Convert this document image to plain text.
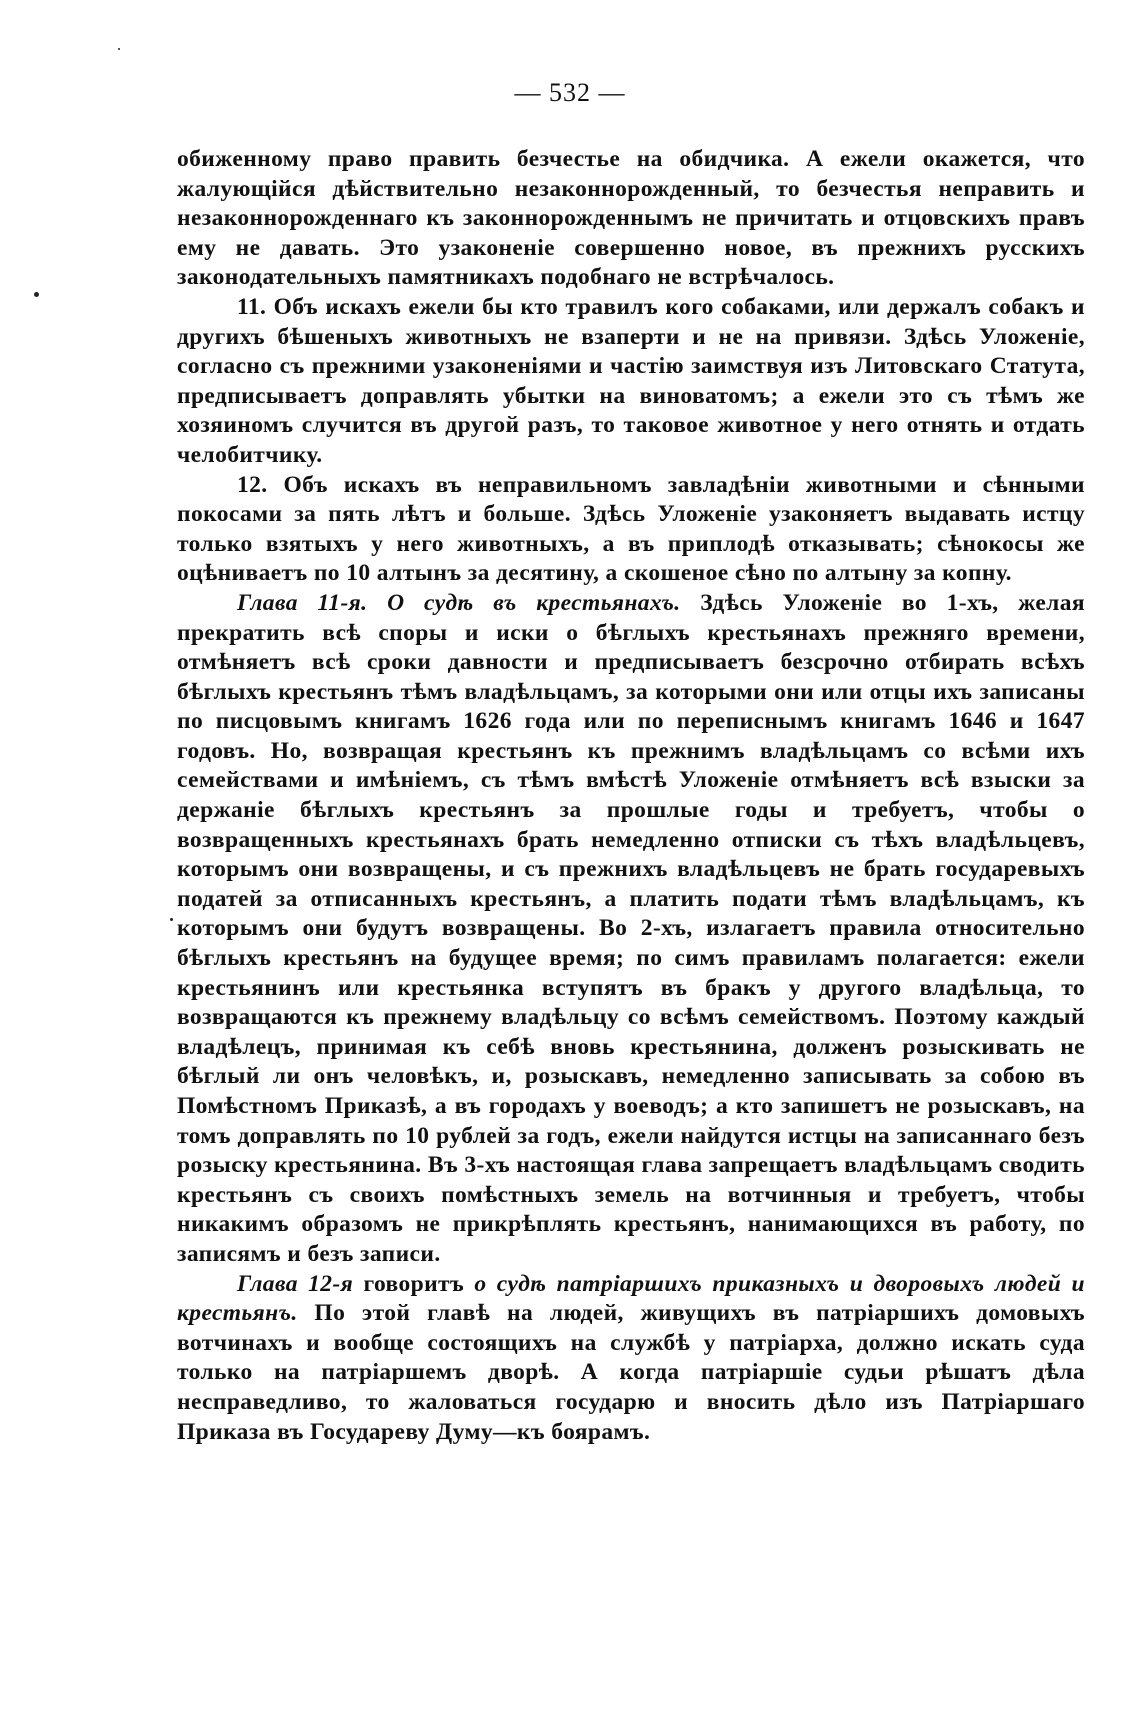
— 532 —

обиженному право править безчестье на обидчика. А ежели окажется, что жалующійся дѣйствительно незаконнорожденный, то безчестья неправить и незаконнорожденнаго къ законнорожденнымъ не причитать и отцовскихъ правъ ему не давать. Это узаконеніе совершенно новое, въ прежнихъ русскихъ законодательныхъ памятникахъ подобнаго не встрѣчалось.

11. Объ искахъ ежели бы кто травилъ кого собаками, или держалъ собакъ и другихъ бѣшеныхъ животныхъ не взаперти и не на привязи. Здѣсь Уложеніе, согласно съ прежними узаконеніями и частію заимствуя изъ Литовскаго Статута, предписываетъ доправлять убытки на виноватомъ; а ежели это съ тѣмъ же хозяиномъ случится въ другой разъ, то таковое животное у него отнять и отдать челобитчику.

12. Объ искахъ въ неправильномъ завладѣніи животными и сѣнными покосами за пять лѣтъ и больше. Здѣсь Уложеніе узаконяетъ выдавать истцу только взятыхъ у него животныхъ, а въ приплодѣ отказывать; сѣнокосы же оцѣниваетъ по 10 алтынъ за десятину, а скошеное сѣно по алтыну за копну.

Глава 11-я. О судѣ въ крестьянахъ. Здѣсь Уложеніе во 1-хъ, желая прекратить всѣ споры и иски о бѣглыхъ крестьянахъ прежняго времени, отмѣняетъ всѣ сроки давности и предписываетъ безсрочно отбирать всѣхъ бѣглыхъ крестьянъ тѣмъ владѣльцамъ, за которыми они или отцы ихъ записаны по писцовымъ книгамъ 1626 года или по переписнымъ книгамъ 1646 и 1647 годовъ. Но, возвращая крестьянъ къ прежнимъ владѣльцамъ со всѣми ихъ семействами и имѣніемъ, съ тѣмъ вмѣстѣ Уложеніе отмѣняетъ всѣ взыски за держаніе бѣглыхъ крестьянъ за прошлые годы и требуетъ, чтобы о возвращенныхъ крестьянахъ брать немедленно отписки съ тѣхъ владѣльцевъ, которымъ они возвращены, и съ прежнихъ владѣльцевъ не брать государевыхъ податей за отписанныхъ крестьянъ, а платить подати тѣмъ владѣльцамъ, къ которымъ они будутъ возвращены. Во 2-хъ, излагаетъ правила относительно бѣглыхъ крестьянъ на будущее время; по симъ правиламъ полагается: ежели крестьянинъ или крестьянка вступятъ въ бракъ у другого владѣльца, то возвращаются къ прежнему владѣльцу со всѣмъ семействомъ. Поэтому каждый владѣлецъ, принимая къ себѣ вновь крестьянина, долженъ розыскивать не бѣглый ли онъ человѣкъ, и, розыскавъ, немедленно записывать за собою въ Помѣстномъ Приказѣ, а въ городахъ у воеводъ; а кто запишетъ не розыскавъ, на томъ доправлять по 10 рублей за годъ, ежели найдутся истцы на записаннаго безъ розыску крестьянина. Въ 3-хъ настоящая глава запрещаетъ владѣльцамъ сводить крестьянъ съ своихъ помѣстныхъ земель на вотчинныя и требуетъ, чтобы никакимъ образомъ не прикрѣплять крестьянъ, нанимающихся въ работу, по записямъ и безъ записи.

Глава 12-я говоритъ о судѣ патріаршихъ приказныхъ и дворовыхъ людей и крестьянъ. По этой главѣ на людей, живущихъ въ патріаршихъ домовыхъ вотчинахъ и вообще состоящихъ на службѣ у патріарха, должно искать суда только на патріаршемъ дворѣ. А когда патріаршіе судьи рѣшатъ дѣла несправедливо, то жаловаться государю и вносить дѣло изъ Патріаршаго Приказа въ Государеву Думу—къ боярамъ.
